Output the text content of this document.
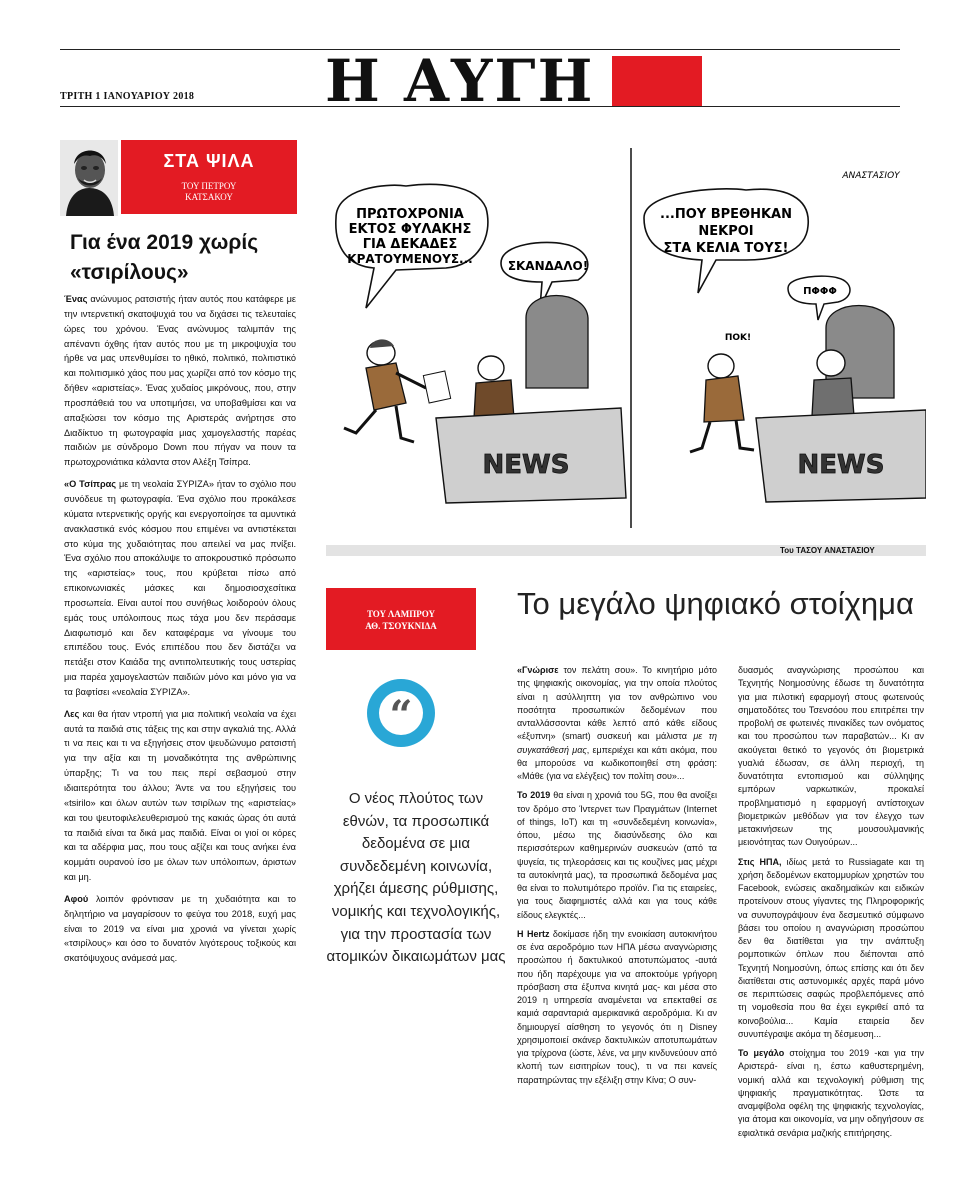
ΤΡΙΤΗ 1 ΙΑΝΟΥΑΡΙΟΥ 2018 Η ΑΥΓΗ
ΣΤΑ ΨΙΛΑ
ΤΟΥ ΠΕΤΡΟΥ
ΚΑΤΣΑΚΟΥ
Για ένα 2019 χωρίς «τσιρίλους»

Ένας ανώνυμος ρατσιστής ήταν αυτός που κατάφερε με την ιντερνετική σκατοψυχιά του να διχάσει τις τελευταίες ώρες του χρόνου. Ένας ανώνυμος ταλιμπάν της απέναντι όχθης ήταν αυτός που με τη μικροψυχία του ήρθε να μας υπενθυμίσει το ηθικό, πολιτικό, πολιτιστικό και πολιτισμικό χάος που μας χωρίζει από τον κόσμο της δήθεν «αριστείας». Ένας χυδαίος μικρόνους, που, στην προσπάθειά του να υποτιμήσει, να υποβαθμίσει και να απαξιώσει τον κόσμο της Αριστεράς ανήρτησε στο Διαδίκτυο τη φωτογραφία μιας χαμογελαστής παρέας παιδιών με σύνδρομο Down που πήγαν να πουν τα πρωτοχρονιάτικα κάλαντα στον Αλέξη Τσίπρα.

«Ο Τσίπρας με τη νεολαία ΣΥΡΙΖΑ» ήταν το σχόλιο που συνόδευε τη φωτογραφία. Ένα σχόλιο που προκάλεσε κύματα ιντερνετικής οργής και ενεργοποίησε τα αμυντικά ανακλαστικά ενός κόσμου που επιμένει να αντιστέκεται στο κύμα της χυδαιότητας που απειλεί να μας πνίξει. Ένα σχόλιο που αποκάλυψε το αποκρουστικό πρόσωπο της «αριστείας» τους, που κρύβεται πίσω από επικοινωνιακές μάσκες και δημοσιοσχεσίτικα προσωπεία. Είναι αυτοί που συνήθως λοιδορούν όλους εμάς τους υπόλοιπους πως τάχα μου δεν περάσαμε Διαφωτισμό και δεν καταφέραμε να γίνουμε του επιπέδου τους. Ενός επιπέδου που δεν διστάζει να πετάξει στον Καιάδα της αντιπολιτευτικής τους υστερίας μια παρέα χαμογελαστών παιδιών μόνο και μόνο για να τα βαφτίσει «νεολαία ΣΥΡΙΖΑ».

Λες και θα ήταν ντροπή για μια πολιτική νεολαία να έχει αυτά τα παιδιά στις τάξεις της και στην αγκαλιά της. Αλλά τι να πεις και τι να εξηγήσεις στον ψευδώνυμο ρατσιστή για την αξία και τη μοναδικότητα της ανθρώπινης ύπαρξης; Τι να του πεις περί σεβασμού στην ιδιαιτερότητα του άλλου; Άντε να του εξηγήσεις του «tsirilo» και όλων αυτών των τσιρίλων της «αριστείας» και του ψευτοφιλελευθερισμού της κακιάς ώρας ότι αυτά τα παιδιά είναι τα δικά μας παιδιά. Είναι οι γιοί οι κόρες και τα αδέρφια μας, που τους αξίζει και τους ανήκει ένα κομμάτι ουρανού ίσο με όλων των υπόλοιπων, άριστων και μη.

Αφού λοιπόν φρόντισαν με τη χυδαιότητα και το δηλητήριο να μαγαρίσουν το φεύγα του 2018, ευχή μας είναι το 2019 να είναι μια χρονιά να γίνεται χωρίς «τσιρίλους» και όσο το δυνατόν λιγότερους τοξικούς και σκατόψυχους ανάμεσά μας.

ΠΡΩΤΟΧΡΟΝΙΑ
ΕΚΤΟΣ ΦΥΛΑΚΗΣ
ΓΙΑ ΔΕΚΑΔΕΣ
ΚΡΑΤΟΥΜΕΝΟΥΣ...	ΣΚΑΝΔΑΛΟ!
NEWS
ΑΝΑΣΤΑΣΙΟΥ
...ΠΟΥ ΒΡΕΘΗΚΑΝ
ΝΕΚΡΟΙ
ΣΤΑ ΚΕΛΙΑ ΤΟΥΣ!
ΠΦΦΦ
ΠΟΚ!
NEWS
Του ΤΑΣΟΥ ΑΝΑΣΤΑΣΙΟΥ
ΤΟΥ ΛΑΜΠΡΟΥ
ΑΘ. ΤΣΟΥΚΝΙΔΑ
“
Ο νέος πλούτος των εθνών, τα προσωπικά δεδομένα σε μια συνδεδεμένη κοινωνία, χρήζει άμεσης ρύθμισης, νομικής και τεχνολογικής, για την προστασία των ατομικών δικαιωμάτων μας
Το μεγάλο ψηφιακό στοίχημα

«Γνώρισε τον πελάτη σου». Το κινητήριο μότο της ψηφιακής οικονομίας, για την οποία πλούτος είναι η ασύλληπτη για τον ανθρώπινο νου ποσότητα προσωπικών δεδομένων που ανταλλάσσονται κάθε λεπτό από κάθε είδους «έξυπνη» (smart) συσκευή και μάλιστα με τη συγκατάθεσή μας, εμπεριέχει και κάτι ακόμα, που θα μπορούσε να κωδικοποιηθεί στη φράση: «Μάθε (για να ελέγξεις) τον πολίτη σου»...

Το 2019 θα είναι η χρονιά του 5G, που θα ανοίξει τον δρόμο στο Ίντερνετ των Πραγμάτων (Internet of things, IoT) και τη «συνδεδεμένη κοινωνία», όπου, μέσω της διασύνδεσης όλο και περισσότερων καθημερινών συσκευών (από τα ψυγεία, τις τηλεοράσεις και τις κουζίνες μας μέχρι τα αυτοκίνητά μας), τα προσωπικά δεδομένα μας θα είναι το πολυτιμότερο προϊόν. Για τις εταιρείες, για τους διαφημιστές αλλά και για τους κάθε είδους ελεγκτές...

Η Hertz δοκίμασε ήδη την ενοικίαση αυτοκινήτου σε ένα αεροδρόμιο των ΗΠΑ μέσω αναγνώρισης προσώπου ή δακτυλικού αποτυπώματος -αυτά που ήδη παρέχουμε για να αποκτούμε γρήγορη πρόσβαση στα έξυπνα κινητά μας- και μέσα στο 2019 η υπηρεσία αναμένεται να επεκταθεί σε καμιά σαρανταριά αμερικανικά αεροδρόμια. Κι αν δημιουργεί αίσθηση το γεγονός ότι η Disney χρησιμοποιεί σκάνερ δακτυλικών αποτυπωμάτων για τρίχρονα (ώστε, λένε, να μην κινδυνεύουν από κλοπή των εισιτηρίων τους), τι να πει κανείς παρατηρώντας την εξέλιξη στην Κίνα; Ο συν-

δυασμός αναγνώρισης προσώπου και Τεχνητής Νοημοσύνης έδωσε τη δυνατότητα για μια πιλοτική εφαρμογή στους φωτεινούς σηματοδότες του Τσενσόου που επιτρέπει την προβολή σε φωτεινές πινακίδες των ονόματος και του προσώπου των παραβατών... Κι αν ακούγεται θετικό το γεγονός ότι βιομετρικά γυαλιά έδωσαν, σε άλλη περιοχή, τη δυνατότητα εντοπισμού και σύλληψης εμπόρων ναρκωτικών, προκαλεί προβληματισμό η εφαρμογή αντίστοιχων βιομετρικών μεθόδων για τον έλεγχο των μετακινήσεων της μουσουλμανικής μειονότητας των Ουιγούρων...

Στις ΗΠΑ, ιδίως μετά το Russiagate και τη χρήση δεδομένων εκατομμυρίων χρηστών του Facebook, ενώσεις ακαδημαϊκών και ειδικών προτείνουν στους γίγαντες της Πληροφορικής να συνυπογράψουν ένα δεσμευτικό σύμφωνο βάσει του οποίου η αναγνώριση προσώπου δεν θα διατίθεται για την ανάπτυξη ρομποτικών όπλων που διέπονται από Τεχνητή Νοημοσύνη, όπως επίσης και ότι δεν διατίθεται στις αστυνομικές αρχές παρά μόνο σε περιπτώσεις σαφώς προβλεπόμενες από τη νομοθεσία που θα έχει εγκριθεί από τα κοινοβούλια... Καμία εταιρεία δεν συνυπέγραψε ακόμα τη δέσμευση...

Το μεγάλο στοίχημα του 2019 -και για την Αριστερά- είναι η, έστω καθυστερημένη, νομική αλλά και τεχνολογική ρύθμιση της ψηφιακής πραγματικότητας. Ώστε τα αναμφίβολα οφέλη της ψηφιακής τεχνολογίας, για άτομα και οικονομία, να μην οδηγήσουν σε εφιαλτικά σενάρια μαζικής επιτήρησης.
